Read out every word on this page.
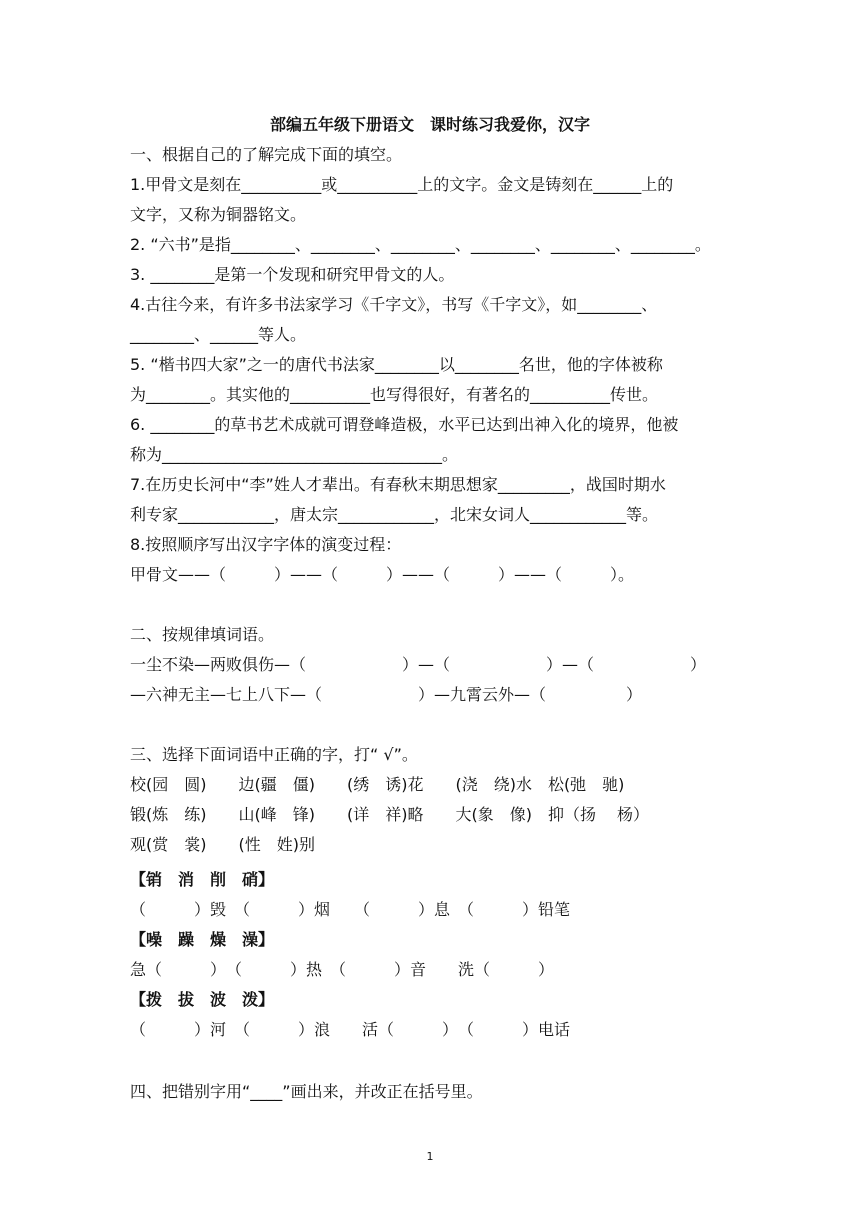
部编五年级下册语文　课时练习我爱你，汉字
一、根据自己的了解完成下面的填空。
1.甲骨文是刻在__________或__________上的文字。金文是铸刻在______上的
文字，又称为铜器铭文。
2. “六书”是指________、________、________、________、________、________。
3. ________是第一个发现和研究甲骨文的人。
4.古往今来，有许多书法家学习《千字文》，书写《千字文》，如________、
________、______等人。
5. “楷书四大家”之一的唐代书法家________以________名世，他的字体被称
为________。其实他的__________也写得很好，有著名的__________传世。
6. ________的草书艺术成就可谓登峰造极，水平已达到出神入化的境界，他被
称为___________________________________。
7.在历史长河中“李”姓人才辈出。有春秋末期思想家_________，战国时期水
利专家____________，唐太宗____________，北宋女词人____________等。
8.按照顺序写出汉字字体的演变过程：
甲骨文——（　　　）——（　　　）——（　　　）——（　　　）。
二、按规律填词语。
一尘不染—两败俱伤—（　　　　　　）—（　　　　　　）—（　　　　　　）
—六神无主—七上八下—（　　　　　　）—九霄云外—（　　　　　）
三、选择下面词语中正确的字，打“ √”。
校(园　圆)　　边(疆　僵)　　(绣　诱)花　　(浇　绕)水　松(弛　驰)
锻(炼　练)　　山(峰　锋)　　(详　祥)略　　大(象　像)　抑（扬　 杨）
观(赏　裳)　　(性　姓)别
【销　消　削　硝】
（　　　）毁　（　　　）烟　　（　　　）息　（　　　）铅笔
【噪　躁　燥　澡】
急（　　　）　（　　　）热　（　　　）音　　洗（　　　）
【拨　拔　波　泼】
（　　　）河　（　　　）浪　　活（　　　）　（　　　）电话
四、把错别字用“____”画出来，并改正在括号里。
1
